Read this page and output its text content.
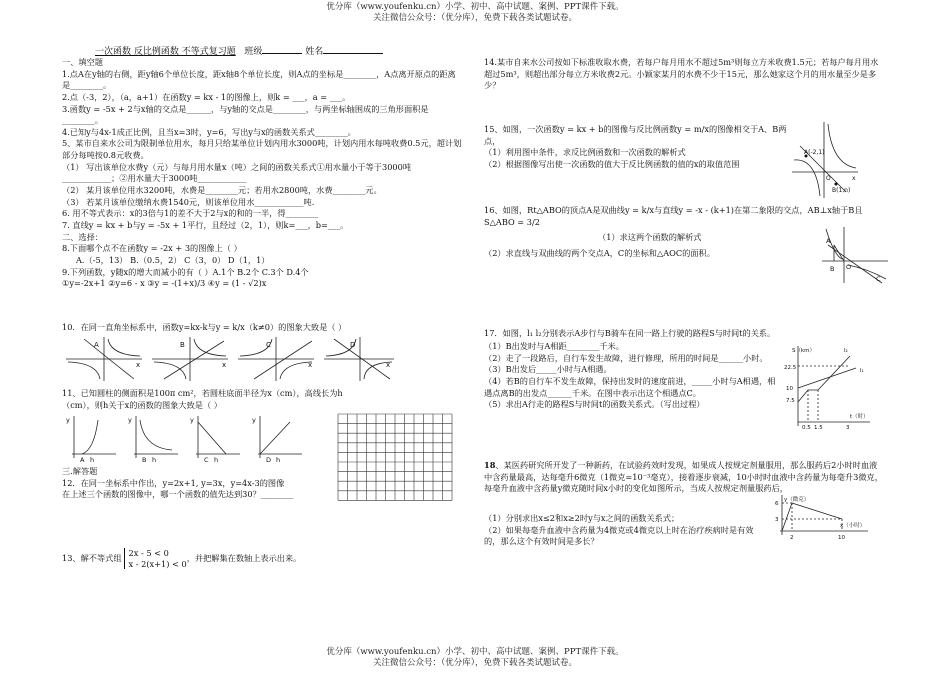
优分库（www.youfenku.cn）小学、初中、高中试题、案例、PPT课件下载。
关注微信公众号：（优分库），免费下载各类试题试卷。
一次函数 反比例函数 不等式复习题 班级	姓名

一、填空题

1.点A在y轴的右侧，距y轴6个单位长度，距x轴8个单位长度，则A点的坐标是________，A点离开原点的距离是________。

2.点（-3，2），（a，a+1）在函数y = kx - 1的图像上，则k = ___，a = ___。

3.函数y = -5x + 2与x轴的交点是______，与y轴的交点是________，与两坐标轴围成的三角形面积是________。

4.已知y与4x-1成正比例，且当x=3时，y=6，写出y与x的函数关系式________。

5、某市自来水公司为限制单位用水，每月只给某单位计划内用水3000吨，计划内用水每吨收费0.5元，超计划部分每吨按0.8元收费。

（1） 写出该单位水费y（元）与每月用水量x（吨）之间的函数关系式①用水量小于等于3000吨____________；②用水量大于3000吨____________

（2） 某月该单位用水3200吨，水费是________元；若用水2800吨，水费________元。

（3） 若某月该单位缴纳水费1540元，则该单位用水____________吨.

6. 用不等式表示：x的3倍与1的差不大于2与x的和的一半，得________

7. 直线y = kx + b与y = -5x + 1平行，且经过（2，1），则k=___，b=___。

二、选择：

8.下面哪个点不在函数y = -2x + 3的图像上（ ）

A.（-5，13） B.（0.5，2） C（3，0） D（1，1）

9.下列函数，y随x的增大而减小的有（ ）A.1个 B.2个 C.3个 D.4个

①y=-2x+1 ②y=6 - x ③y = -(1+x)/3 ④y = (1 - √2)x

10．在同一直角坐标系中，函数y=kx-k与y = k/x（k≠0）的图象大致是（ ）
A	B	C	D
x	x	x	x
11、已知圆柱的侧面积是100π cm²，若圆柱底面半径为x（cm），高线长为h（cm），则h关于x的函数的图象大致是（ ）
y	y	y	y
h	h	h	h
A	B	C	D

三.解答题

12．在同一坐标系中作出，y=2x+1, y=3x，y=4x-3的图像

在上述三个函数的图像中，哪一个函数的值先达到30？________

13、解不等式组 2x - 5 < 0
x - 2(x+1) < 0
，并把解集在数轴上表示出来。
14.某市自来水公司按如下标准收取水费，若每户每月用水不超过5m³则每立方米收费1.5元；若每户每月用水超过5m³，则超出部分每立方米收费2元。小颖家某月的水费不少于15元，那么她家这个月的用水量至少是多少？

15、如图，一次函数y = kx + b的图像与反比例函数y = m/x的图像相交于A、B两点，

（1）利用图中条件，求反比例函数和一次函数的解析式

（2）根据图像写出使一次函数的值大于反比例函数的值的x的取值范围

A(-2,1)
B(1,n)
O	x
16、如图，Rt△ABO的顶点A是双曲线y = k/x与直线y = -x - (k+1)在第二象限的交点，AB⊥x轴于B且S△ABO = 3/2
（1）求这两个函数的解析式
（2）求直线与双曲线的两个交点A，C的坐标和△AOC的面积。
A
B O
C
17．如图，l₁ l₂分别表示A步行与B骑车在同一路上行驶的路程S与时间t的关系。

（1）B出发时与A相距________千米。

（2）走了一段路后，自行车发生故障，进行修理，所用的时间是______小时。

（3）B出发后_____小时与A相遇。

（4）若B的自行车不发生故障，保持出发时的速度前进，_____小时与A相遇，相遇点离B的出发点______千米。在图中表示出这个相遇点C。

（5）求出A行走的路程S与时间t的函数关系式。（写出过程）

S（km）	l₂
l₁
22.5
10
7.5
0.5 1.5	3
t（时）
18、某医药研究所开发了一种新药，在试验药效时发现，如果成人按规定剂量服用，那么服药后2小时时血液中含药量最高，达每毫升6微克（1微克=10⁻³毫克），接着逐步衰减，10小时时血液中含药量为每毫升3微克，每毫升血液中含药量y微克随时间x小时的变化如图所示，当成人按规定剂量服药后，

（1）分别求出x≤2和x≥2时y与x之间的函数关系式；

（2）如果每毫升血液中含药量为4微克或4微克以上时在治疗疾病时是有效的，那么这个有效时间是多长？

y（微克）
x（小时）
6
3
2	10
优分库（www.youfenku.cn）小学、初中、高中试题、案例、PPT课件下载。
关注微信公众号：（优分库），免费下载各类试题试卷。
